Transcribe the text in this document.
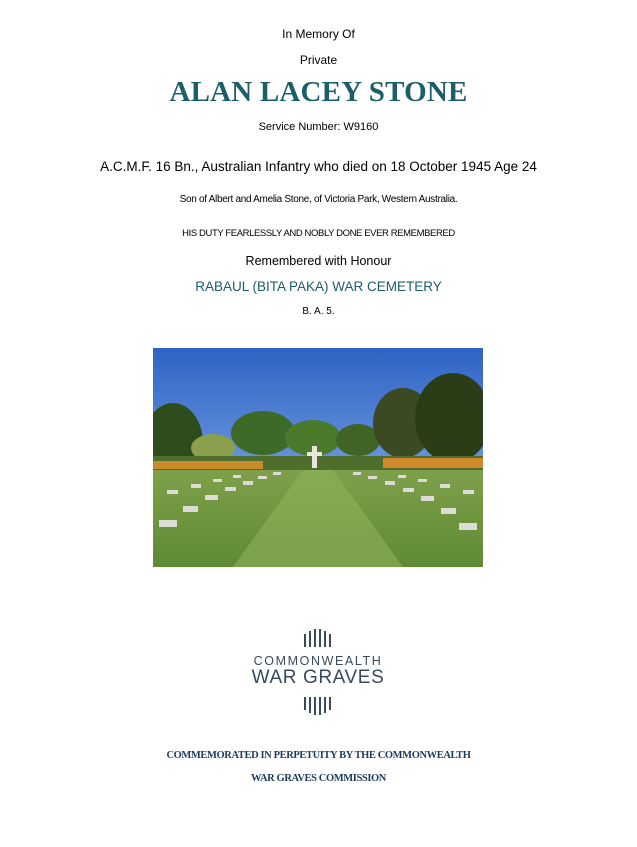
In Memory Of
Private
ALAN LACEY STONE
Service Number: W9160
A.C.M.F. 16 Bn., Australian Infantry who died on 18 October 1945 Age 24
Son of Albert and Amelia Stone, of Victoria Park, Western Australia.
HIS DUTY FEARLESSLY AND NOBLY DONE EVER REMEMBERED
Remembered with Honour
RABAUL (BITA PAKA) WAR CEMETERY
B. A. 5.
COMMONWEALTH
WAR GRAVES
COMMEMORATED IN PERPETUITY BY THE COMMONWEALTH
WAR GRAVES COMMISSION
